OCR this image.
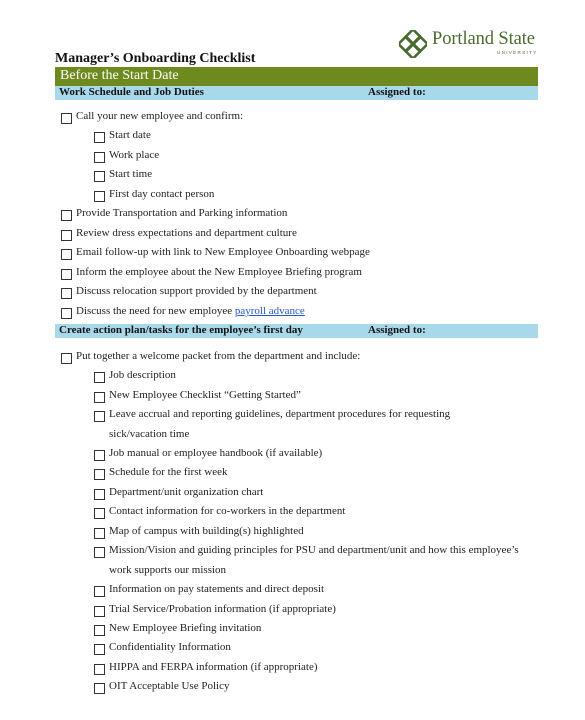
Portland State
UNIVERSITY
Manager’s Onboarding Checklist
Before the Start Date
Work Schedule and Job Duties	Assigned to:
Call your new employee and confirm:
Start date
Work place
Start time
First day contact person
Provide Transportation and Parking information
Review dress expectations and department culture
Email follow-up with link to New Employee Onboarding webpage
Inform the employee about the New Employee Briefing program
Discuss relocation support provided by the department
Discuss the need for new employee payroll advance
Create action plan/tasks for the employee’s first day	Assigned to:
Put together a welcome packet from the department and include:
Job description
New Employee Checklist “Getting Started”
Leave accrual and reporting guidelines, department procedures for requesting
sick/vacation time
Job manual or employee handbook (if available)
Schedule for the first week
Department/unit organization chart
Contact information for co-workers in the department
Map of campus with building(s) highlighted
Mission/Vision and guiding principles for PSU and department/unit and how this employee’s
work supports our mission
Information on pay statements and direct deposit
Trial Service/Probation information (if appropriate)
New Employee Briefing invitation
Confidentiality Information
HIPPA and FERPA information (if appropriate)
OIT Acceptable Use Policy
